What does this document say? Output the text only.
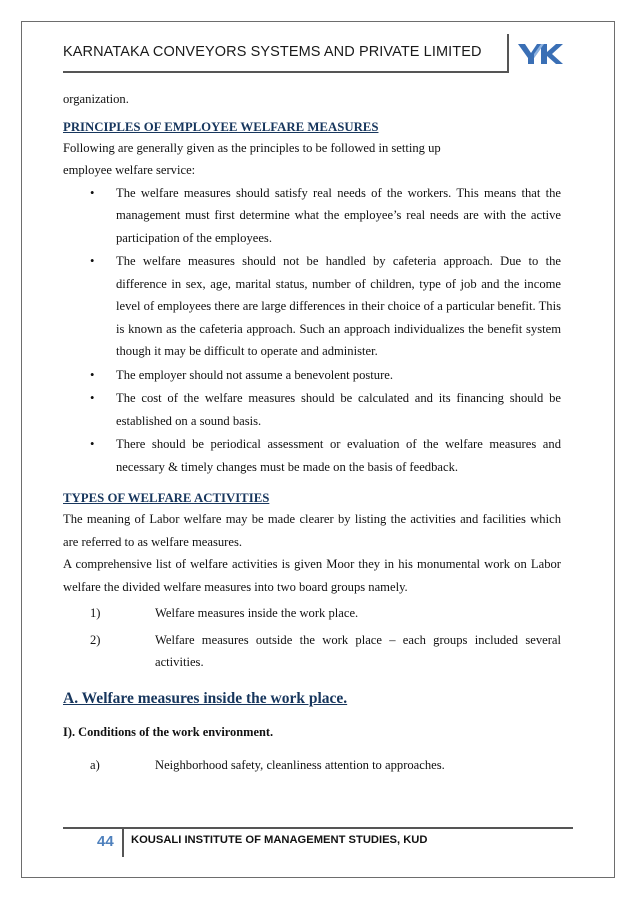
KARNATAKA CONVEYORS SYSTEMS AND PRIVATE LIMITED

organization.

PRINCIPLES OF EMPLOYEE WELFARE MEASURES

Following are generally given as the principles to be followed in setting up

employee welfare service:

• The welfare measures should satisfy real needs of the workers. This means that the management must first determine what the employee’s real needs are with the active participation of the employees.
• The welfare measures should not be handled by cafeteria approach. Due to the difference in sex, age, marital status, number of children, type of job and the income level of employees there are large differences in their choice of a particular benefit. This is known as the cafeteria approach. Such an approach individualizes the benefit system though it may be difficult to operate and administer.
• The employer should not assume a benevolent posture.
• The cost of the welfare measures should be calculated and its financing should be established on a sound basis.
• There should be periodical assessment or evaluation of the welfare measures and necessary & timely changes must be made on the basis of feedback.
TYPES OF WELFARE ACTIVITIES

The meaning of Labor welfare may be made clearer by listing the activities and facilities which are referred to as welfare measures.

A comprehensive list of welfare activities is given Moor they in his monumental work on Labor welfare the divided welfare measures into two board groups namely.

1)	Welfare measures inside the work place.
2)	Welfare measures outside the work place – each groups included several activities.
A. Welfare measures inside the work place.
I). Conditions of the work environment.
a)	Neighborhood safety, cleanliness attention to approaches.
44 KOUSALI INSTITUTE OF MANAGEMENT STUDIES, KUD
